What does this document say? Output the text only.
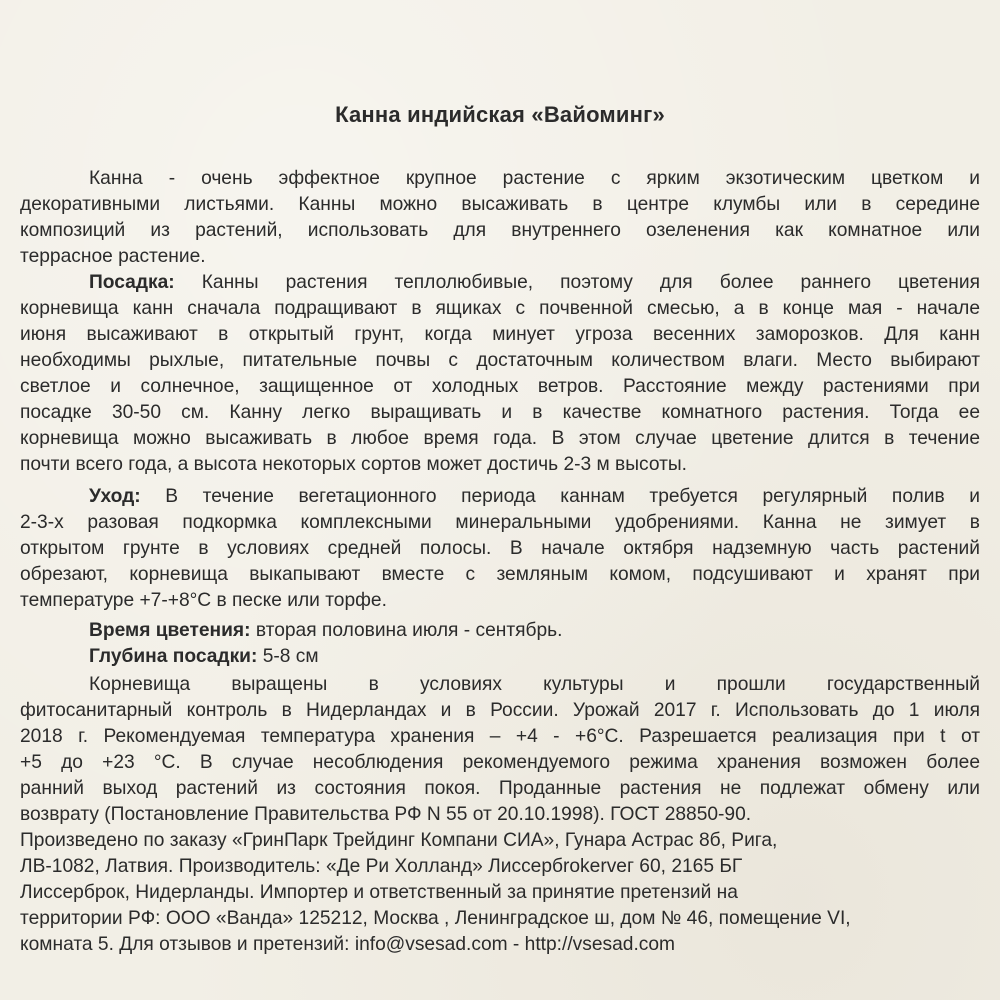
Канна индийская «Вайоминг»
Канна - очень эффектное крупное растение с ярким экзотическим цветком и
декоративными листьями. Канны можно высаживать в центре клумбы или в середине
композиций из растений, использовать для внутреннего озеленения как комнатное или
террасное растение.
Посадка: Канны растения теплолюбивые, поэтому для более раннего цветения
корневища канн сначала подращивают в ящиках с почвенной смесью, а в конце мая - начале
июня высаживают в открытый грунт, когда минует угроза весенних заморозков. Для канн
необходимы рыхлые, питательные почвы с достаточным количеством влаги. Место выбирают
светлое и солнечное, защищенное от холодных ветров. Расстояние между растениями при
посадке 30-50 см. Канну легко выращивать и в качестве комнатного растения. Тогда ее
корневища можно высаживать в любое время года. В этом случае цветение длится в течение
почти всего года, а высота некоторых сортов может достичь 2-3 м высоты.
Уход: В течение вегетационного периода каннам требуется регулярный полив и
2-3-х разовая подкормка комплексными минеральными удобрениями. Канна не зимует в
открытом грунте в условиях средней полосы. В начале октября надземную часть растений
обрезают, корневища выкапывают вместе с земляным комом, подсушивают и хранят при
температуре +7-+8°С в песке или торфе.
Время цветения: вторая половина июля - сентябрь.
Глубина посадки: 5-8 см
Корневища выращены в условиях культуры и прошли государственный
фитосанитарный контроль в Нидерландах и в России. Урожай 2017 г. Использовать до 1 июля
2018 г. Рекомендуемая температура хранения – +4 - +6°С. Разрешается реализация при t от
+5 до +23 °С. В случае несоблюдения рекомендуемого режима хранения возможен более
ранний выход растений из состояния покоя. Проданные растения не подлежат обмену или
возврату (Постановление Правительства РФ N 55 от 20.10.1998). ГОСТ 28850-90.
Произведено по заказу «ГринПарк Трейдинг Компани СИА», Гунара Астрас 8б, Рига,
ЛВ-1082, Латвия. Производитель: «Де Ри Холланд» Лиссербrokervег 60, 2165 БГ
Лиссерброк, Нидерланды. Импортер и ответственный за принятие претензий на
территории РФ: ООО «Ванда» 125212, Москва , Ленинградское ш, дом № 46, помещение VI,
комната 5. Для отзывов и претензий: info@vsesad.com - http://vsesad.com
